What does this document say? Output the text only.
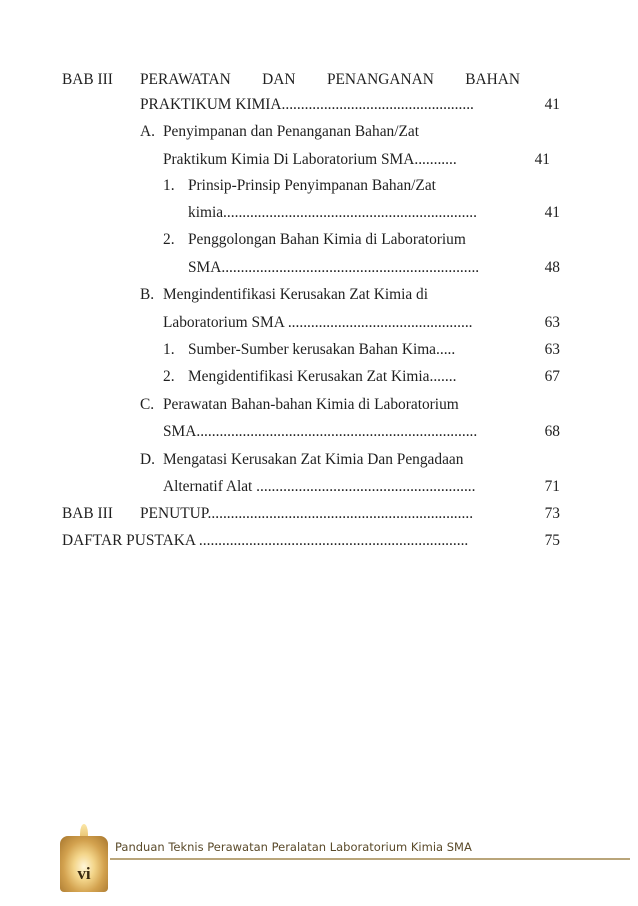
BAB III PERAWATAN DAN PENANGANAN BAHAN
PRAKTIKUM KIMIA..................................................	41
A. Penyimpanan dan Penanganan Bahan/Zat
Praktikum Kimia Di Laboratorium SMA...........	41
1. Prinsip-Prinsip Penyimpanan Bahan/Zat
kimia..................................................................	41
2. Penggolongan Bahan Kimia di Laboratorium
SMA...................................................................	48
B. Mengindentifikasi Kerusakan Zat Kimia di
Laboratorium SMA ................................................	63
1. Sumber-Sumber kerusakan Bahan Kima.....	63
2. Mengidentifikasi Kerusakan Zat Kimia.......	67
C. Perawatan Bahan-bahan Kimia di Laboratorium
SMA.........................................................................	68
D. Mengatasi Kerusakan Zat Kimia Dan Pengadaan
Alternatif Alat .........................................................	71
BAB III PENUTUP.....................................................................	73
DAFTAR PUSTAKA ......................................................................	75
Panduan Teknis Perawatan Peralatan Laboratorium Kimia SMA
vi
